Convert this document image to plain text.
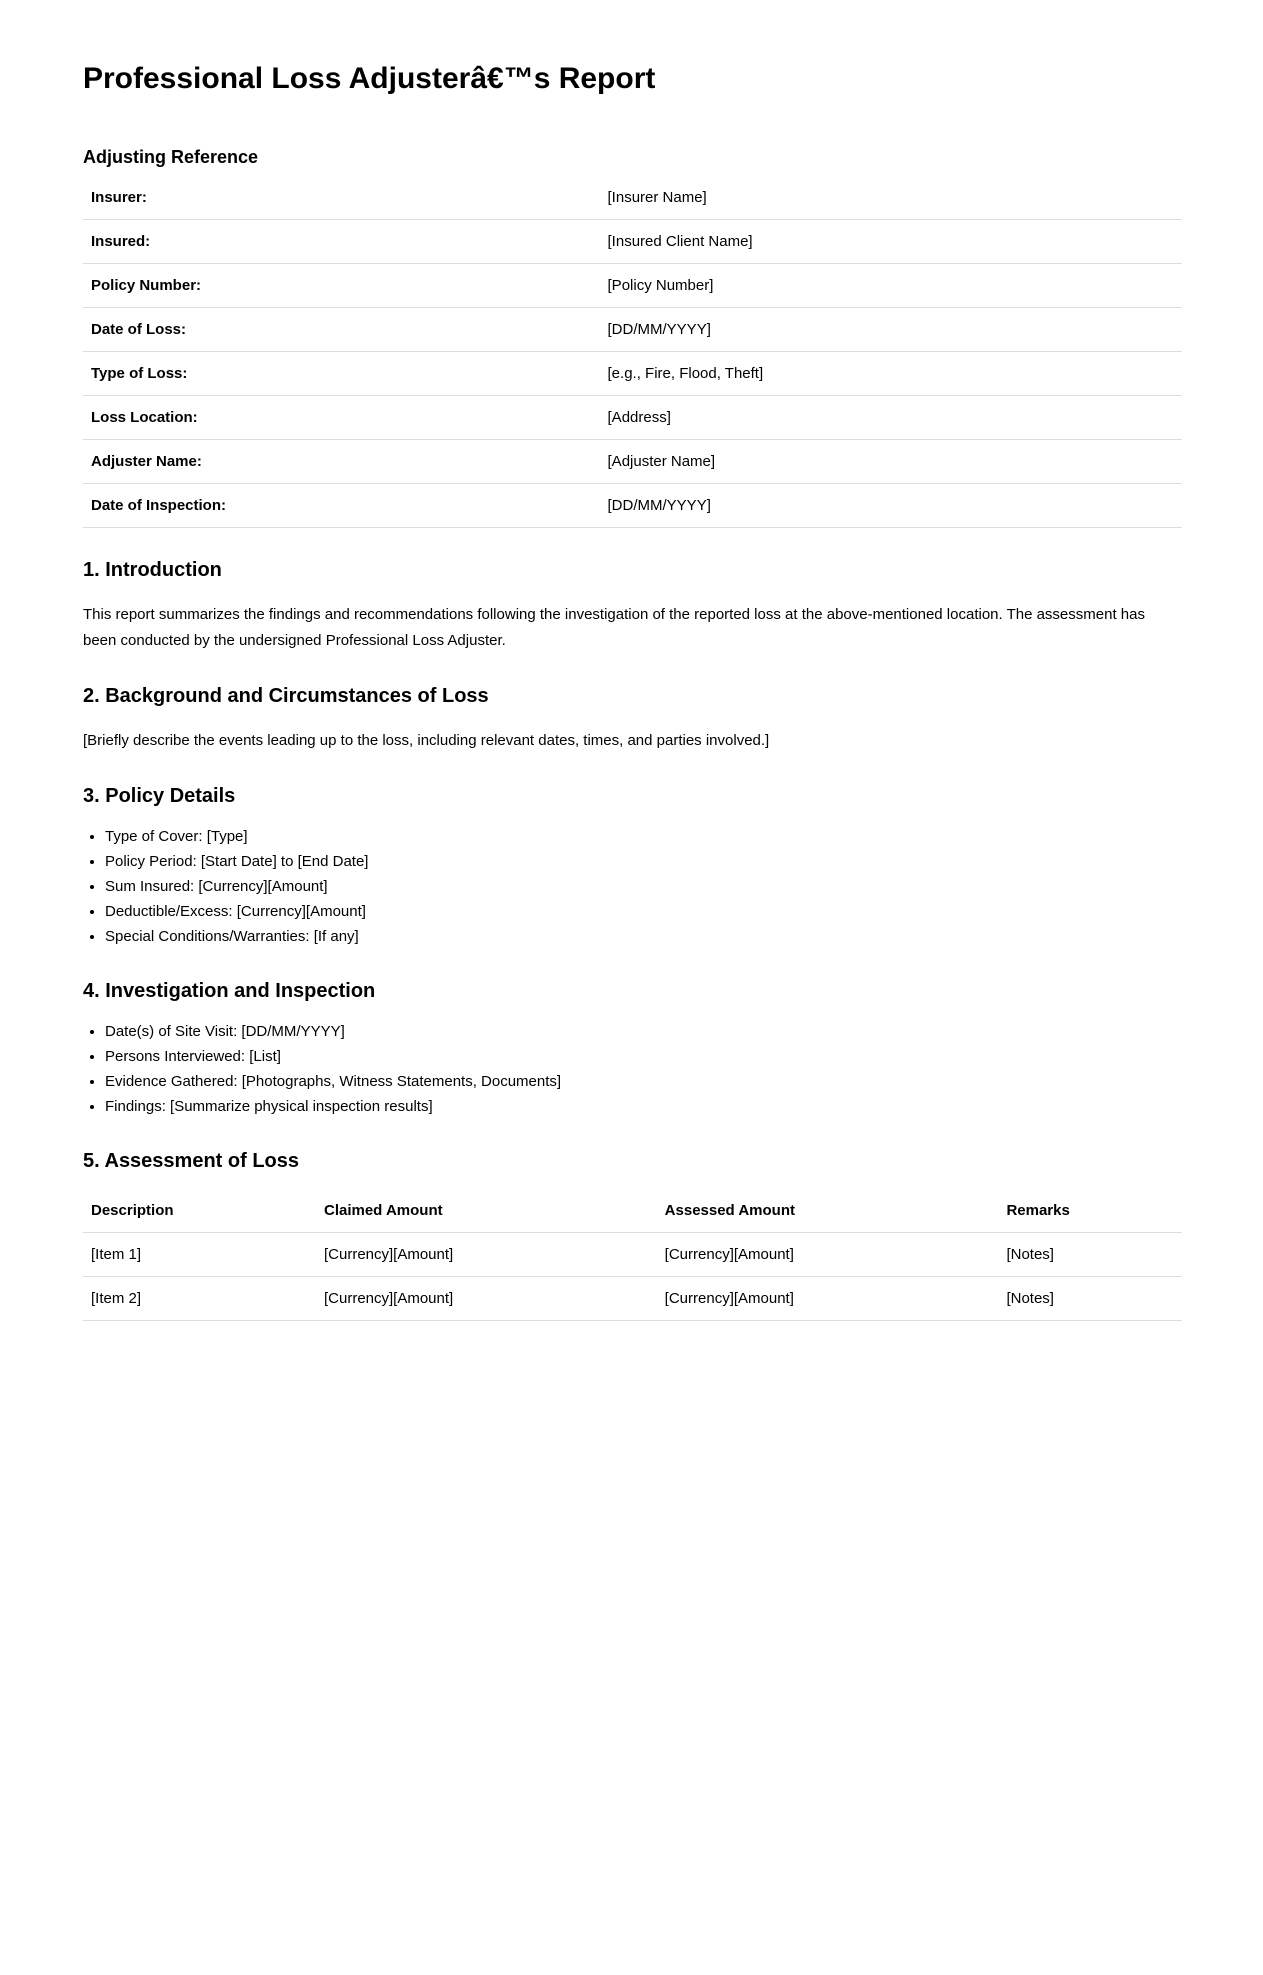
Professional Loss Adjusterâ€™s Report
Adjusting Reference
Insurer:	[Insurer Name]
Insured:	[Insured Client Name]
Policy Number:	[Policy Number]
Date of Loss:	[DD/MM/YYYY]
Type of Loss:	[e.g., Fire, Flood, Theft]
Loss Location:	[Address]
Adjuster Name:	[Adjuster Name]
Date of Inspection:	[DD/MM/YYYY]
1. Introduction

This report summarizes the findings and recommendations following the investigation of the reported loss at the above-mentioned location. The assessment has been conducted by the undersigned Professional Loss Adjuster.

2. Background and Circumstances of Loss

[Briefly describe the events leading up to the loss, including relevant dates, times, and parties involved.]

3. Policy Details
• Type of Cover: [Type]
• Policy Period: [Start Date] to [End Date]
• Sum Insured: [Currency][Amount]
• Deductible/Excess: [Currency][Amount]
• Special Conditions/Warranties: [If any]
4. Investigation and Inspection
• Date(s) of Site Visit: [DD/MM/YYYY]
• Persons Interviewed: [List]
• Evidence Gathered: [Photographs, Witness Statements, Documents]
• Findings: [Summarize physical inspection results]
5. Assessment of Loss
Description	Claimed Amount	Assessed Amount	Remarks
[Item 1]	[Currency][Amount]	[Currency][Amount]	[Notes]
[Item 2]	[Currency][Amount]	[Currency][Amount]	[Notes]
